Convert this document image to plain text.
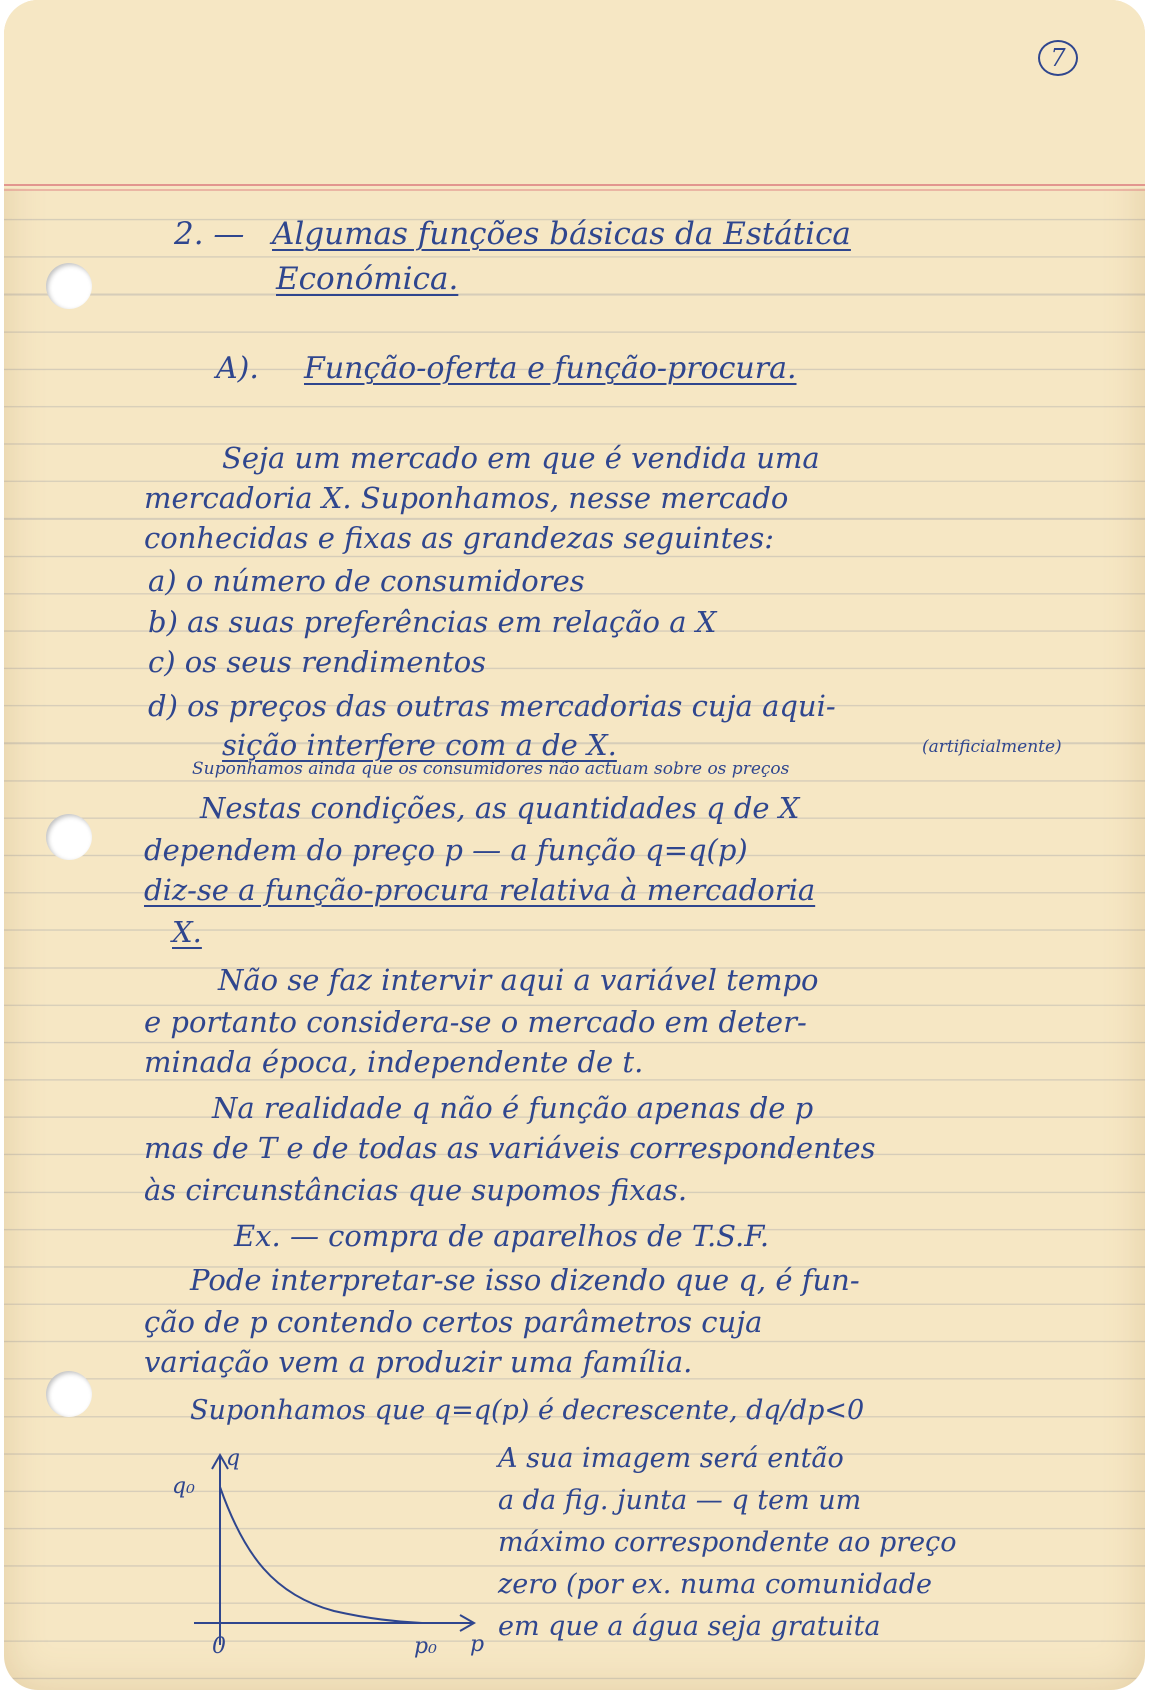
7

2. — Algumas funções básicas da Estática

Económica.

A). Função-oferta e função-procura.

Seja um mercado em que é vendida uma

mercadoria X. Suponhamos, nesse mercado

conhecidas e fixas as grandezas seguintes:

a) o número de consumidores

b) as suas preferências em relação a X

c) os seus rendimentos

d) os preços das outras mercadorias cuja aqui-

sição interfere com a de X.

Suponhamos ainda que os consumidores não actuam sobre os preços

(artificialmente)

Nestas condições, as quantidades q de X

dependem do preço p — a função q=q(p)

diz-se a função-procura relativa à mercadoria

X.

Não se faz intervir aqui a variável tempo

e portanto considera-se o mercado em deter-

minada época, independente de t.

Na realidade q não é função apenas de p

mas de T e de todas as variáveis correspondentes

às circunstâncias que supomos fixas.

Ex. — compra de aparelhos de T.S.F.

Pode interpretar-se isso dizendo que q, é fun-

ção de p contendo certos parâmetros cuja

variação vem a produzir uma família.

Suponhamos que q=q(p) é decrescente, dq/dp<0

A sua imagem será então

a da fig. junta — q tem um

máximo correspondente ao preço

zero (por ex. numa comunidade

em que a água seja gratuita

q
q₀
p
0	p₀
